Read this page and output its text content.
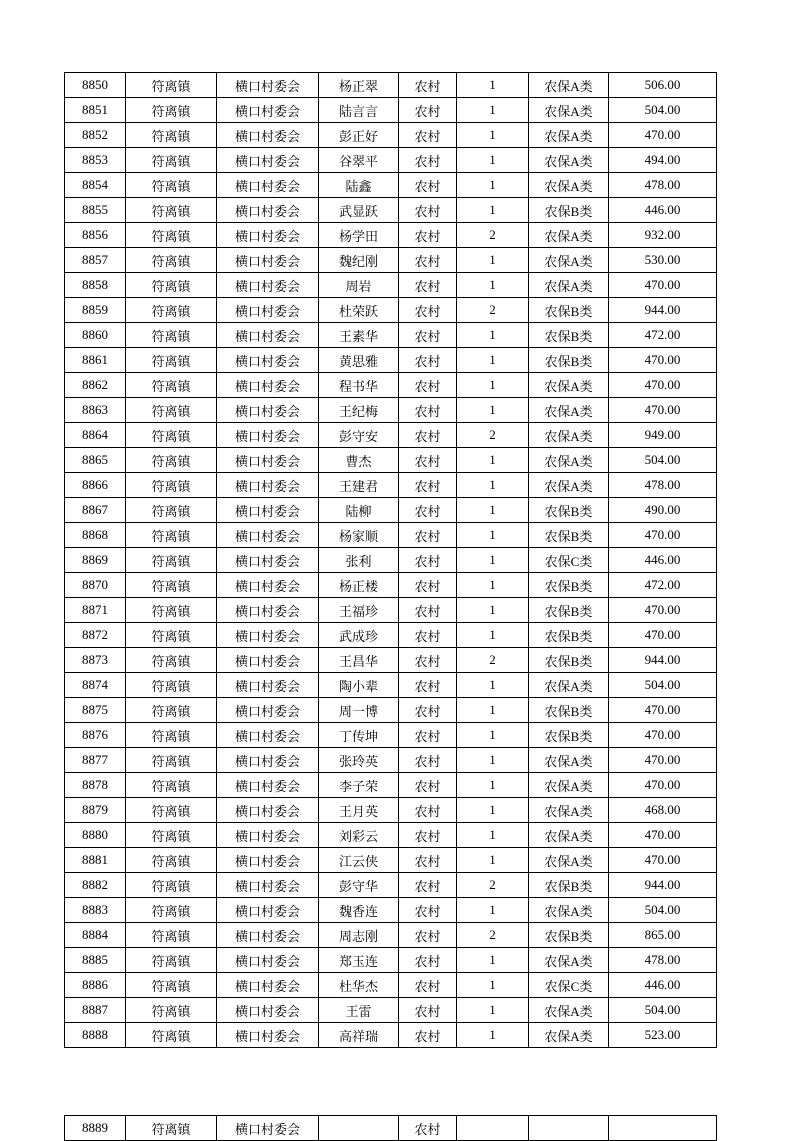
8850	符离镇	横口村委会	杨正翠	农村	1	农保A类	506.00
8851	符离镇	横口村委会	陆言言	农村	1	农保A类	504.00
8852	符离镇	横口村委会	彭正好	农村	1	农保A类	470.00
8853	符离镇	横口村委会	谷翠平	农村	1	农保A类	494.00
8854	符离镇	横口村委会	陆鑫	农村	1	农保A类	478.00
8855	符离镇	横口村委会	武显跃	农村	1	农保B类	446.00
8856	符离镇	横口村委会	杨学田	农村	2	农保A类	932.00
8857	符离镇	横口村委会	魏纪刚	农村	1	农保A类	530.00
8858	符离镇	横口村委会	周岩	农村	1	农保A类	470.00
8859	符离镇	横口村委会	杜荣跃	农村	2	农保B类	944.00
8860	符离镇	横口村委会	王素华	农村	1	农保B类	472.00
8861	符离镇	横口村委会	黄思雅	农村	1	农保B类	470.00
8862	符离镇	横口村委会	程书华	农村	1	农保A类	470.00
8863	符离镇	横口村委会	王纪梅	农村	1	农保A类	470.00
8864	符离镇	横口村委会	彭守安	农村	2	农保A类	949.00
8865	符离镇	横口村委会	曹杰	农村	1	农保A类	504.00
8866	符离镇	横口村委会	王建君	农村	1	农保A类	478.00
8867	符离镇	横口村委会	陆柳	农村	1	农保B类	490.00
8868	符离镇	横口村委会	杨家顺	农村	1	农保B类	470.00
8869	符离镇	横口村委会	张利	农村	1	农保C类	446.00
8870	符离镇	横口村委会	杨正楼	农村	1	农保B类	472.00
8871	符离镇	横口村委会	王福珍	农村	1	农保B类	470.00
8872	符离镇	横口村委会	武成珍	农村	1	农保B类	470.00
8873	符离镇	横口村委会	王昌华	农村	2	农保B类	944.00
8874	符离镇	横口村委会	陶小辈	农村	1	农保A类	504.00
8875	符离镇	横口村委会	周一博	农村	1	农保B类	470.00
8876	符离镇	横口村委会	丁传坤	农村	1	农保B类	470.00
8877	符离镇	横口村委会	张玲英	农村	1	农保A类	470.00
8878	符离镇	横口村委会	李子荣	农村	1	农保A类	470.00
8879	符离镇	横口村委会	王月英	农村	1	农保A类	468.00
8880	符离镇	横口村委会	刘彩云	农村	1	农保A类	470.00
8881	符离镇	横口村委会	江云侠	农村	1	农保A类	470.00
8882	符离镇	横口村委会	彭守华	农村	2	农保B类	944.00
8883	符离镇	横口村委会	魏香连	农村	1	农保A类	504.00
8884	符离镇	横口村委会	周志刚	农村	2	农保B类	865.00
8885	符离镇	横口村委会	郑玉连	农村	1	农保A类	478.00
8886	符离镇	横口村委会	杜华杰	农村	1	农保C类	446.00
8887	符离镇	横口村委会	王雷	农村	1	农保A类	504.00
8888	符离镇	横口村委会	高祥瑞	农村	1	农保A类	523.00
8889	符离镇	横口村委会		农村			
